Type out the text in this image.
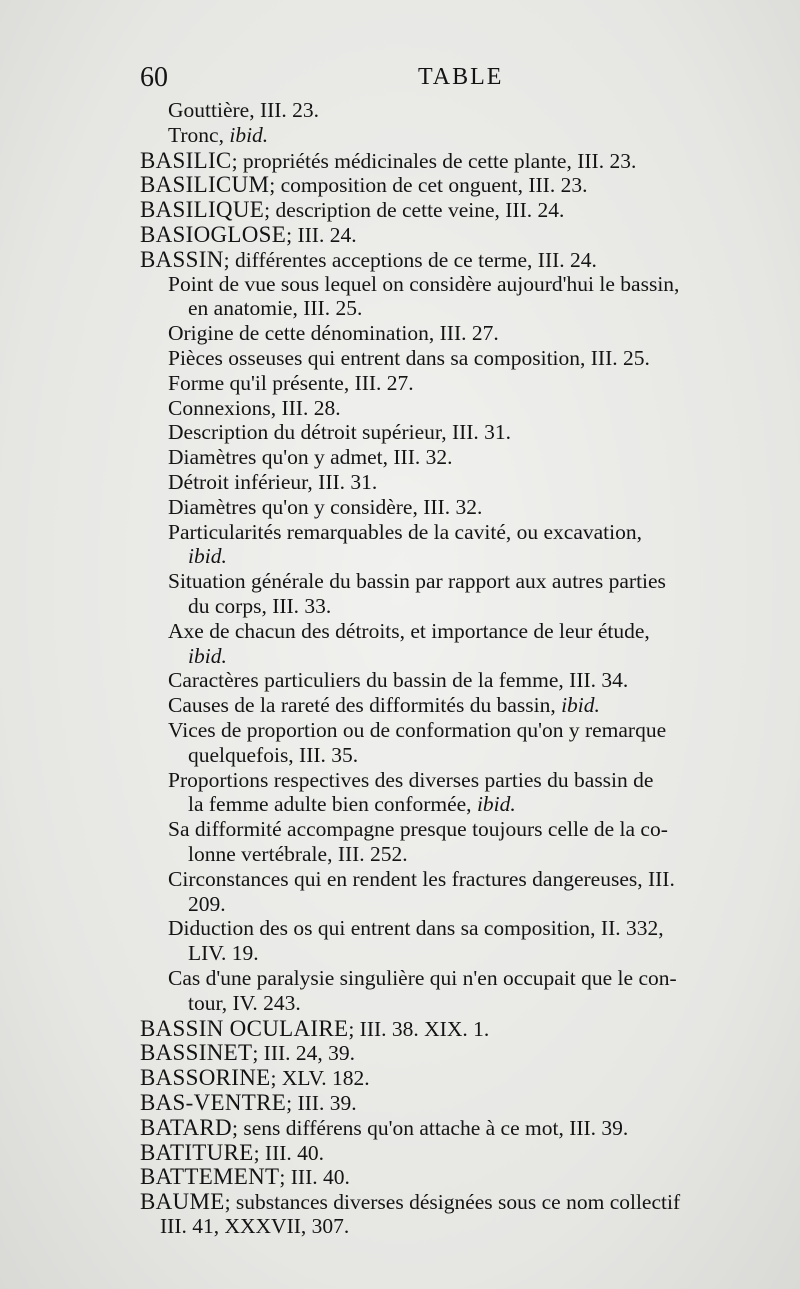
60	TABLE
Gouttière, III. 23.
Tronc, ibid.
BASILIC; propriétés médicinales de cette plante, III. 23.
BASILICUM; composition de cet onguent, III. 23.
BASILIQUE; description de cette veine, III. 24.
BASIOGLOSE; III. 24.
BASSIN; différentes acceptions de ce terme, III. 24.
Point de vue sous lequel on considère aujourd'hui le bassin,
en anatomie, III. 25.
Origine de cette dénomination, III. 27.
Pièces osseuses qui entrent dans sa composition, III. 25.
Forme qu'il présente, III. 27.
Connexions, III. 28.
Description du détroit supérieur, III. 31.
Diamètres qu'on y admet, III. 32.
Détroit inférieur, III. 31.
Diamètres qu'on y considère, III. 32.
Particularités remarquables de la cavité, ou excavation,
ibid.
Situation générale du bassin par rapport aux autres parties
du corps, III. 33.
Axe de chacun des détroits, et importance de leur étude,
ibid.
Caractères particuliers du bassin de la femme, III. 34.
Causes de la rareté des difformités du bassin, ibid.
Vices de proportion ou de conformation qu'on y remarque
quelquefois, III. 35.
Proportions respectives des diverses parties du bassin de
la femme adulte bien conformée, ibid.
Sa difformité accompagne presque toujours celle de la co-
lonne vertébrale, III. 252.
Circonstances qui en rendent les fractures dangereuses, III.
209.
Diduction des os qui entrent dans sa composition, II. 332,
LIV. 19.
Cas d'une paralysie singulière qui n'en occupait que le con-
tour, IV. 243.
BASSIN OCULAIRE; III. 38. XIX. 1.
BASSINET; III. 24, 39.
BASSORINE; XLV. 182.
BAS-VENTRE; III. 39.
BATARD; sens différens qu'on attache à ce mot, III. 39.
BATITURE; III. 40.
BATTEMENT; III. 40.
BAUME; substances diverses désignées sous ce nom collectif
III. 41, XXXVII, 307.
